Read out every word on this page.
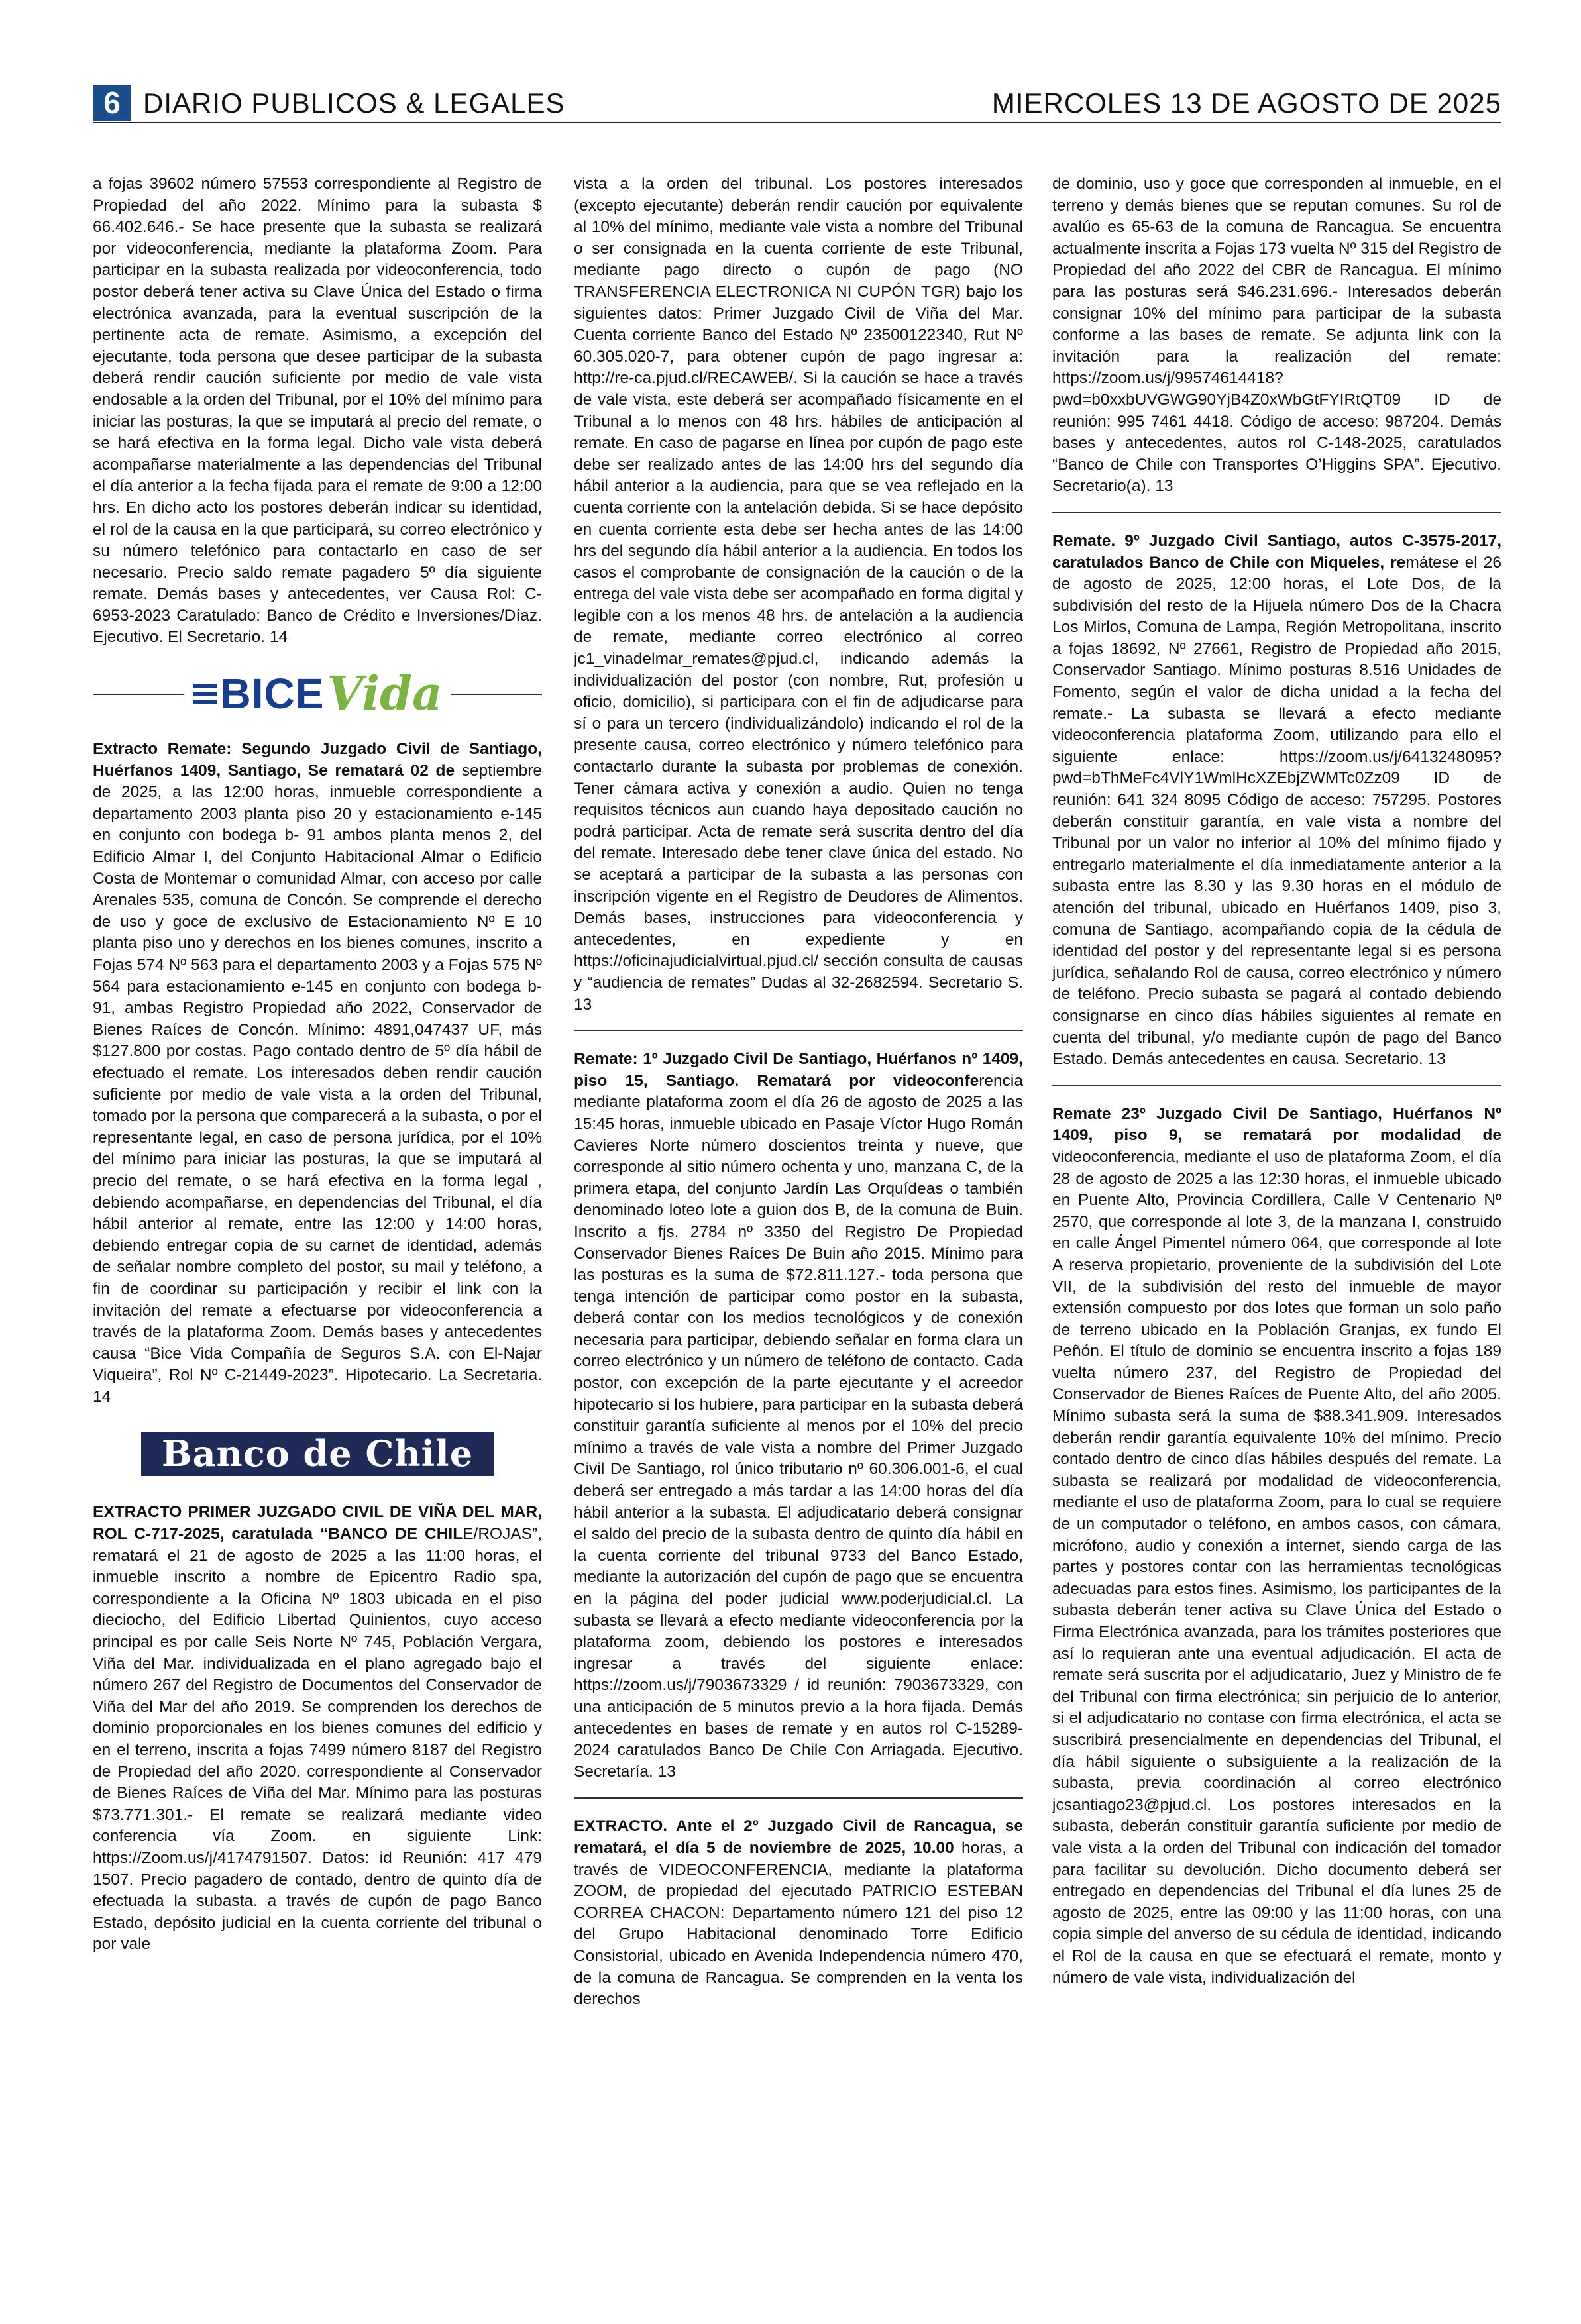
6 DIARIO PUBLICOS & LEGALES	MIERCOLES 13 DE AGOSTO DE 2025

a fojas 39602 número 57553 correspondiente al Registro de Propiedad del año 2022. Mínimo para la subasta $ 66.402.646.- Se hace presente que la subasta se realizará por videoconferencia, mediante la plataforma Zoom. Para participar en la subasta realizada por videoconferencia, todo postor deberá tener activa su Clave Única del Estado o firma electrónica avanzada, para la eventual suscripción de la pertinente acta de remate. Asimismo, a excepción del ejecutante, toda persona que desee participar de la subasta deberá rendir caución suficiente por medio de vale vista endosable a la orden del Tribunal, por el 10% del mínimo para iniciar las posturas, la que se imputará al precio del remate, o se hará efectiva en la forma legal. Dicho vale vista deberá acompañarse materialmente a las dependencias del Tribunal el día anterior a la fecha fijada para el remate de 9:00 a 12:00 hrs. En dicho acto los postores deberán indicar su identidad, el rol de la causa en la que participará, su correo electrónico y su número telefónico para contactarlo en caso de ser necesario. Precio saldo remate pagadero 5º día siguiente remate. Demás bases y antecedentes, ver Causa Rol: C-6953-2023 Caratulado: Banco de Crédito e Inversiones/Díaz. Ejecutivo. El Secretario. 14

BICE Vida

Extracto Remate: Segundo Juzgado Civil de Santiago, Huérfanos 1409, Santiago, Se rematará 02 de septiembre de 2025, a las 12:00 horas, inmueble correspondiente a departamento 2003 planta piso 20 y estacionamiento e-145 en conjunto con bodega b- 91 ambos planta menos 2, del Edificio Almar I, del Conjunto Habitacional Almar o Edificio Costa de Montemar o comunidad Almar, con acceso por calle Arenales 535, comuna de Concón. Se comprende el derecho de uso y goce de exclusivo de Estacionamiento Nº E 10 planta piso uno y derechos en los bienes comunes, inscrito a Fojas 574 Nº 563 para el departamento 2003 y a Fojas 575 Nº 564 para estacionamiento e-145 en conjunto con bodega b-91, ambas Registro Propiedad año 2022, Conservador de Bienes Raíces de Concón. Mínimo: 4891,047437 UF, más $127.800 por costas. Pago contado dentro de 5º día hábil de efectuado el remate. Los interesados deben rendir caución suficiente por medio de vale vista a la orden del Tribunal, tomado por la persona que comparecerá a la subasta, o por el representante legal, en caso de persona jurídica, por el 10% del mínimo para iniciar las posturas, la que se imputará al precio del remate, o se hará efectiva en la forma legal , debiendo acompañarse, en dependencias del Tribunal, el día hábil anterior al remate, entre las 12:00 y 14:00 horas, debiendo entregar copia de su carnet de identidad, además de señalar nombre completo del postor, su mail y teléfono, a fin de coordinar su participación y recibir el link con la invitación del remate a efectuarse por videoconferencia a través de la plataforma Zoom. Demás bases y antecedentes causa “Bice Vida Compañía de Seguros S.A. con El-Najar Viqueira”, Rol Nº C-21449-2023”. Hipotecario. La Secretaria. 14

Banco de Chile

EXTRACTO PRIMER JUZGADO CIVIL DE VIÑA DEL MAR, ROL C-717-2025, caratulada “BANCO DE CHILE/ROJAS”, rematará el 21 de agosto de 2025 a las 11:00 horas, el inmueble inscrito a nombre de Epicentro Radio spa, correspondiente a la Oficina Nº 1803 ubicada en el piso dieciocho, del Edificio Libertad Quinientos, cuyo acceso principal es por calle Seis Norte Nº 745, Población Vergara, Viña del Mar. individualizada en el plano agregado bajo el número 267 del Registro de Documentos del Conservador de Viña del Mar del año 2019. Se comprenden los derechos de dominio proporcionales en los bienes comunes del edificio y en el terreno, inscrita a fojas 7499 número 8187 del Registro de Propiedad del año 2020. correspondiente al Conservador de Bienes Raíces de Viña del Mar. Mínimo para las posturas $73.771.301.- El remate se realizará mediante video conferencia vía Zoom. en siguiente Link: https://Zoom.us/j/4174791507. Datos: id Reunión: 417 479 1507. Precio pagadero de contado, dentro de quinto día de efectuada la subasta. a través de cupón de pago Banco Estado, depósito judicial en la cuenta corriente del tribunal o por vale

vista a la orden del tribunal. Los postores interesados (excepto ejecutante) deberán rendir caución por equivalente al 10% del mínimo, mediante vale vista a nombre del Tribunal o ser consignada en la cuenta corriente de este Tribunal, mediante pago directo o cupón de pago (NO TRANSFERENCIA ELECTRONICA NI CUPÓN TGR) bajo los siguientes datos: Primer Juzgado Civil de Viña del Mar. Cuenta corriente Banco del Estado Nº 23500122340, Rut Nº 60.305.020-7, para obtener cupón de pago ingresar a: http://re-ca.pjud.cl/RECAWEB/. Si la caución se hace a través de vale vista, este deberá ser acompañado físicamente en el Tribunal a lo menos con 48 hrs. hábiles de anticipación al remate. En caso de pagarse en línea por cupón de pago este debe ser realizado antes de las 14:00 hrs del segundo día hábil anterior a la audiencia, para que se vea reflejado en la cuenta corriente con la antelación debida. Si se hace depósito en cuenta corriente esta debe ser hecha antes de las 14:00 hrs del segundo día hábil anterior a la audiencia. En todos los casos el comprobante de consignación de la caución o de la entrega del vale vista debe ser acompañado en forma digital y legible con a los menos 48 hrs. de antelación a la audiencia de remate, mediante correo electrónico al correo jc1_vinadelmar_remates@pjud.cl, indicando además la individualización del postor (con nombre, Rut, profesión u oficio, domicilio), si participara con el fin de adjudicarse para sí o para un tercero (individualizándolo) indicando el rol de la presente causa, correo electrónico y número telefónico para contactarlo durante la subasta por problemas de conexión. Tener cámara activa y conexión a audio. Quien no tenga requisitos técnicos aun cuando haya depositado caución no podrá participar. Acta de remate será suscrita dentro del día del remate. Interesado debe tener clave única del estado. No se aceptará a participar de la subasta a las personas con inscripción vigente en el Registro de Deudores de Alimentos. Demás bases, instrucciones para videoconferencia y antecedentes, en expediente y en https://oficinajudicialvirtual.pjud.cl/ sección consulta de causas y “audiencia de remates” Dudas al 32-2682594. Secretario S. 13

Remate: 1º Juzgado Civil De Santiago, Huérfanos nº 1409, piso 15, Santiago. Rematará por videoconferencia mediante plataforma zoom el día 26 de agosto de 2025 a las 15:45 horas, inmueble ubicado en Pasaje Víctor Hugo Román Cavieres Norte número doscientos treinta y nueve, que corresponde al sitio número ochenta y uno, manzana C, de la primera etapa, del conjunto Jardín Las Orquídeas o también denominado loteo lote a guion dos B, de la comuna de Buin. Inscrito a fjs. 2784 nº 3350 del Registro De Propiedad Conservador Bienes Raíces De Buin año 2015. Mínimo para las posturas es la suma de $72.811.127.- toda persona que tenga intención de participar como postor en la subasta, deberá contar con los medios tecnológicos y de conexión necesaria para participar, debiendo señalar en forma clara un correo electrónico y un número de teléfono de contacto. Cada postor, con excepción de la parte ejecutante y el acreedor hipotecario si los hubiere, para participar en la subasta deberá constituir garantía suficiente al menos por el 10% del precio mínimo a través de vale vista a nombre del Primer Juzgado Civil De Santiago, rol único tributario nº 60.306.001-6, el cual deberá ser entregado a más tardar a las 14:00 horas del día hábil anterior a la subasta. El adjudicatario deberá consignar el saldo del precio de la subasta dentro de quinto día hábil en la cuenta corriente del tribunal 9733 del Banco Estado, mediante la autorización del cupón de pago que se encuentra en la página del poder judicial www.poderjudicial.cl. La subasta se llevará a efecto mediante videoconferencia por la plataforma zoom, debiendo los postores e interesados ingresar a través del siguiente enlace: https://zoom.us/j/7903673329 / id reunión: 7903673329, con una anticipación de 5 minutos previo a la hora fijada. Demás antecedentes en bases de remate y en autos rol C-15289-2024 caratulados Banco De Chile Con Arriagada. Ejecutivo. Secretaría. 13

EXTRACTO. Ante el 2º Juzgado Civil de Rancagua, se rematará, el día 5 de noviembre de 2025, 10.00 horas, a través de VIDEOCONFERENCIA, mediante la plataforma ZOOM, de propiedad del ejecutado PATRICIO ESTEBAN CORREA CHACON: Departamento número 121 del piso 12 del Grupo Habitacional denominado Torre Edificio Consistorial, ubicado en Avenida Independencia número 470, de la comuna de Rancagua. Se comprenden en la venta los derechos

de dominio, uso y goce que corresponden al inmueble, en el terreno y demás bienes que se reputan comunes. Su rol de avalúo es 65-63 de la comuna de Rancagua. Se encuentra actualmente inscrita a Fojas 173 vuelta Nº 315 del Registro de Propiedad del año 2022 del CBR de Rancagua. El mínimo para las posturas será $46.231.696.- Interesados deberán consignar 10% del mínimo para participar de la subasta conforme a las bases de remate. Se adjunta link con la invitación para la realización del remate: https://zoom.us/j/99574614418?pwd=b0xxbUVGWG90YjB4Z0xWbGtFYIRtQT09 ID de reunión: 995 7461 4418. Código de acceso: 987204. Demás bases y antecedentes, autos rol C-148-2025, caratulados “Banco de Chile con Transportes O’Higgins SPA”. Ejecutivo. Secretario(a). 13

Remate. 9º Juzgado Civil Santiago, autos C-3575-2017, caratulados Banco de Chile con Miqueles, remátese el 26 de agosto de 2025, 12:00 horas, el Lote Dos, de la subdivisión del resto de la Hijuela número Dos de la Chacra Los Mirlos, Comuna de Lampa, Región Metropolitana, inscrito a fojas 18692, Nº 27661, Registro de Propiedad año 2015, Conservador Santiago. Mínimo posturas 8.516 Unidades de Fomento, según el valor de dicha unidad a la fecha del remate.- La subasta se llevará a efecto mediante videoconferencia plataforma Zoom, utilizando para ello el siguiente enlace: https://zoom.us/j/6413248095?pwd=bThMeFc4VlY1WmlHcXZEbjZWMTc0Zz09 ID de reunión: 641 324 8095 Código de acceso: 757295. Postores deberán constituir garantía, en vale vista a nombre del Tribunal por un valor no inferior al 10% del mínimo fijado y entregarlo materialmente el día inmediatamente anterior a la subasta entre las 8.30 y las 9.30 horas en el módulo de atención del tribunal, ubicado en Huérfanos 1409, piso 3, comuna de Santiago, acompañando copia de la cédula de identidad del postor y del representante legal si es persona jurídica, señalando Rol de causa, correo electrónico y número de teléfono. Precio subasta se pagará al contado debiendo consignarse en cinco días hábiles siguientes al remate en cuenta del tribunal, y/o mediante cupón de pago del Banco Estado. Demás antecedentes en causa. Secretario. 13

Remate 23º Juzgado Civil De Santiago, Huérfanos Nº 1409, piso 9, se rematará por modalidad de videoconferencia, mediante el uso de plataforma Zoom, el día 28 de agosto de 2025 a las 12:30 horas, el inmueble ubicado en Puente Alto, Provincia Cordillera, Calle V Centenario Nº 2570, que corresponde al lote 3, de la manzana I, construido en calle Ángel Pimentel número 064, que corresponde al lote A reserva propietario, proveniente de la subdivisión del Lote VII, de la subdivisión del resto del inmueble de mayor extensión compuesto por dos lotes que forman un solo paño de terreno ubicado en la Población Granjas, ex fundo El Peñón. El título de dominio se encuentra inscrito a fojas 189 vuelta número 237, del Registro de Propiedad del Conservador de Bienes Raíces de Puente Alto, del año 2005. Mínimo subasta será la suma de $88.341.909. Interesados deberán rendir garantía equivalente 10% del mínimo. Precio contado dentro de cinco días hábiles después del remate. La subasta se realizará por modalidad de videoconferencia, mediante el uso de plataforma Zoom, para lo cual se requiere de un computador o teléfono, en ambos casos, con cámara, micrófono, audio y conexión a internet, siendo carga de las partes y postores contar con las herramientas tecnológicas adecuadas para estos fines. Asimismo, los participantes de la subasta deberán tener activa su Clave Única del Estado o Firma Electrónica avanzada, para los trámites posteriores que así lo requieran ante una eventual adjudicación. El acta de remate será suscrita por el adjudicatario, Juez y Ministro de fe del Tribunal con firma electrónica; sin perjuicio de lo anterior, si el adjudicatario no contase con firma electrónica, el acta se suscribirá presencialmente en dependencias del Tribunal, el día hábil siguiente o subsiguiente a la realización de la subasta, previa coordinación al correo electrónico jcsantiago23@pjud.cl. Los postores interesados en la subasta, deberán constituir garantía suficiente por medio de vale vista a la orden del Tribunal con indicación del tomador para facilitar su devolución. Dicho documento deberá ser entregado en dependencias del Tribunal el día lunes 25 de agosto de 2025, entre las 09:00 y las 11:00 horas, con una copia simple del anverso de su cédula de identidad, indicando el Rol de la causa en que se efectuará el remate, monto y número de vale vista, individualización del
